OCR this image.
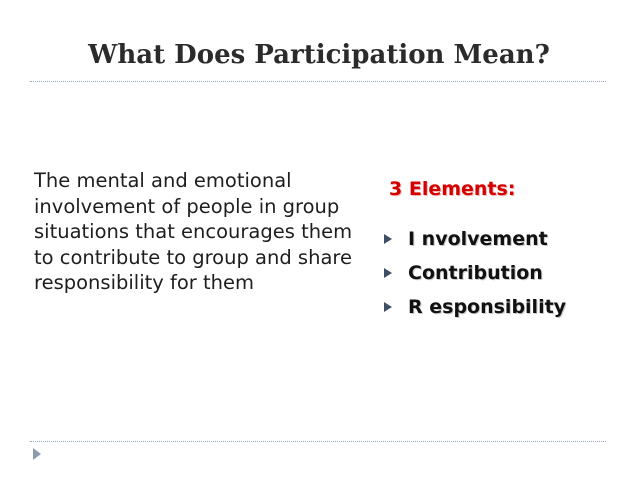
What Does Participation Mean?
The mental and emotional involvement of people in group situations that encourages them to contribute to group and share responsibility for them
3 Elements:
I nvolvement
Contribution
R esponsibility
